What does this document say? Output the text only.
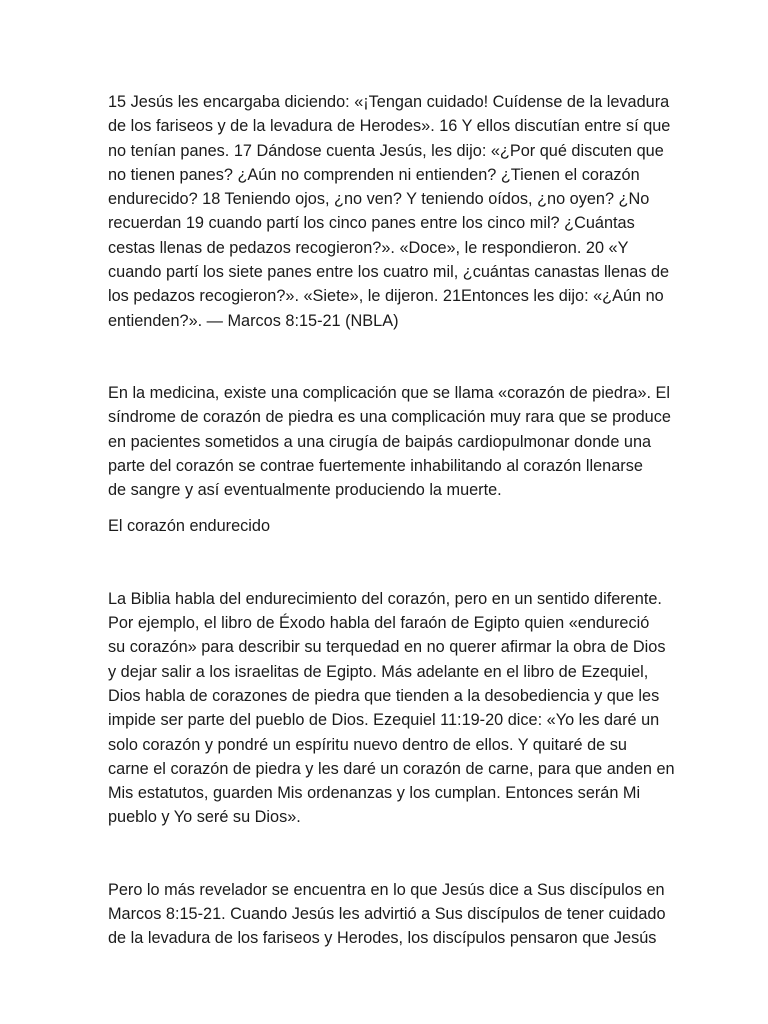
15 Jesús les encargaba diciendo: «¡Tengan cuidado! Cuídense de la levadura
de los fariseos y de la levadura de Herodes». 16 Y ellos discutían entre sí que
no tenían panes. 17 Dándose cuenta Jesús, les dijo: «¿Por qué discuten que
no tienen panes? ¿Aún no comprenden ni entienden? ¿Tienen el corazón
endurecido? 18 Teniendo ojos, ¿no ven? Y teniendo oídos, ¿no oyen? ¿No
recuerdan 19 cuando partí los cinco panes entre los cinco mil? ¿Cuántas
cestas llenas de pedazos recogieron?». «Doce», le respondieron. 20 «Y
cuando partí los siete panes entre los cuatro mil, ¿cuántas canastas llenas de
los pedazos recogieron?». «Siete», le dijeron. 21Entonces les dijo: «¿Aún no
entienden?». — Marcos 8:15-21 (NBLA)

En la medicina, existe una complicación que se llama «corazón de piedra». El
síndrome de corazón de piedra es una complicación muy rara que se produce
en pacientes sometidos a una cirugía de baipás cardiopulmonar donde una
parte del corazón se contrae fuertemente inhabilitando al corazón llenarse
de sangre y así eventualmente produciendo la muerte.

El corazón endurecido

La Biblia habla del endurecimiento del corazón, pero en un sentido diferente.
Por ejemplo, el libro de Éxodo habla del faraón de Egipto quien «endureció
su corazón» para describir su terquedad en no querer afirmar la obra de Dios
y dejar salir a los israelitas de Egipto. Más adelante en el libro de Ezequiel,
Dios habla de corazones de piedra que tienden a la desobediencia y que les
impide ser parte del pueblo de Dios. Ezequiel 11:19-20 dice: «Yo les daré un
solo corazón y pondré un espíritu nuevo dentro de ellos. Y quitaré de su
carne el corazón de piedra y les daré un corazón de carne, para que anden en
Mis estatutos, guarden Mis ordenanzas y los cumplan. Entonces serán Mi
pueblo y Yo seré su Dios».

Pero lo más revelador se encuentra en lo que Jesús dice a Sus discípulos en
Marcos 8:15-21. Cuando Jesús les advirtió a Sus discípulos de tener cuidado
de la levadura de los fariseos y Herodes, los discípulos pensaron que Jesús
